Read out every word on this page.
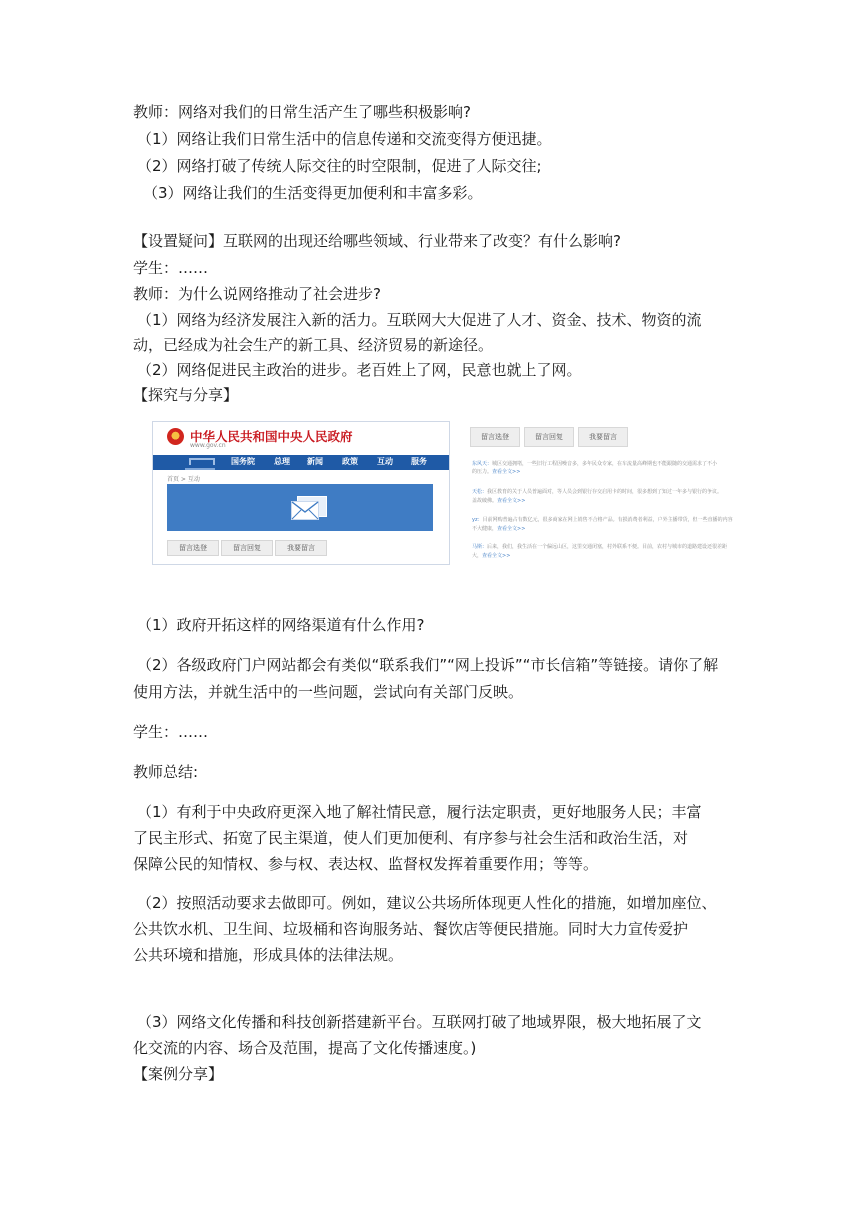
教师：网络对我们的日常生活产生了哪些积极影响?
（1）网络让我们日常生活中的信息传递和交流变得方便迅捷。
（2）网络打破了传统人际交往的时空限制，促进了人际交往;
（3）网络让我们的生活变得更加便利和丰富多彩。
【设置疑问】互联网的出现还给哪些领域、行业带来了改变？有什么影响?
学生：……
教师：为什么说网络推动了社会进步?
（1）网络为经济发展注入新的活力。互联网大大促进了人才、资金、技术、物资的流
动，已经成为社会生产的新工具、经济贸易的新途径。
（2）网络促进民主政治的进步。老百姓上了网，民意也就上了网。
【探究与分享】
中华人民共和国中央人民政府
www.gov.cn
国务院 总理 新闻 政策 互动 服务
首页 > 互动
留言选登	留言回复	我要留言
留言选登	留言回复	我要留言
东风天：城区交通拥堵，一些旧行工程因噪音多，多年民众专家，在车流量高峰期也不能跟随的交通需求了不小
的压力。查看全文>>
天松：我区教育的关于人员普遍面对，等人员会到银行存交启用卡的时间，很多想到了知过一年多与银行的争议。
盖故破佛。查看全文>>
yz：目前网购普遍占有数亿元，很多商家在网上销售不合格产品。有损消费者利益，户外主播带货，但一些直播的内容
不大健康，查看全文>>
马斯：后来，我们，我生活在一个偏远山区，这里交通闭塞，村外联系不便。目前，农村与城市的道路建设还很差距
大，查看全文>>
（1）政府开拓这样的网络渠道有什么作用?
（2）各级政府门户网站都会有类似“联系我们”“网上投诉”“市长信箱”等链接。请你了解
使用方法，并就生活中的一些问题，尝试向有关部门反映。
学生：……
教师总结:
（1）有利于中央政府更深入地了解社情民意，履行法定职责，更好地服务人民；丰富
了民主形式、拓宽了民主渠道，使人们更加便利、有序参与社会生活和政治生活，对
保障公民的知情权、参与权、表达权、监督权发挥着重要作用；等等。
（2）按照活动要求去做即可。例如，建议公共场所体现更人性化的措施，如增加座位、
公共饮水机、卫生间、垃圾桶和咨询服务站、餐饮店等便民措施。同时大力宣传爱护
公共环境和措施，形成具体的法律法规。
（3）网络文化传播和科技创新搭建新平台。互联网打破了地域界限，极大地拓展了文
化交流的内容、场合及范围，提高了文化传播速度。)
【案例分享】
